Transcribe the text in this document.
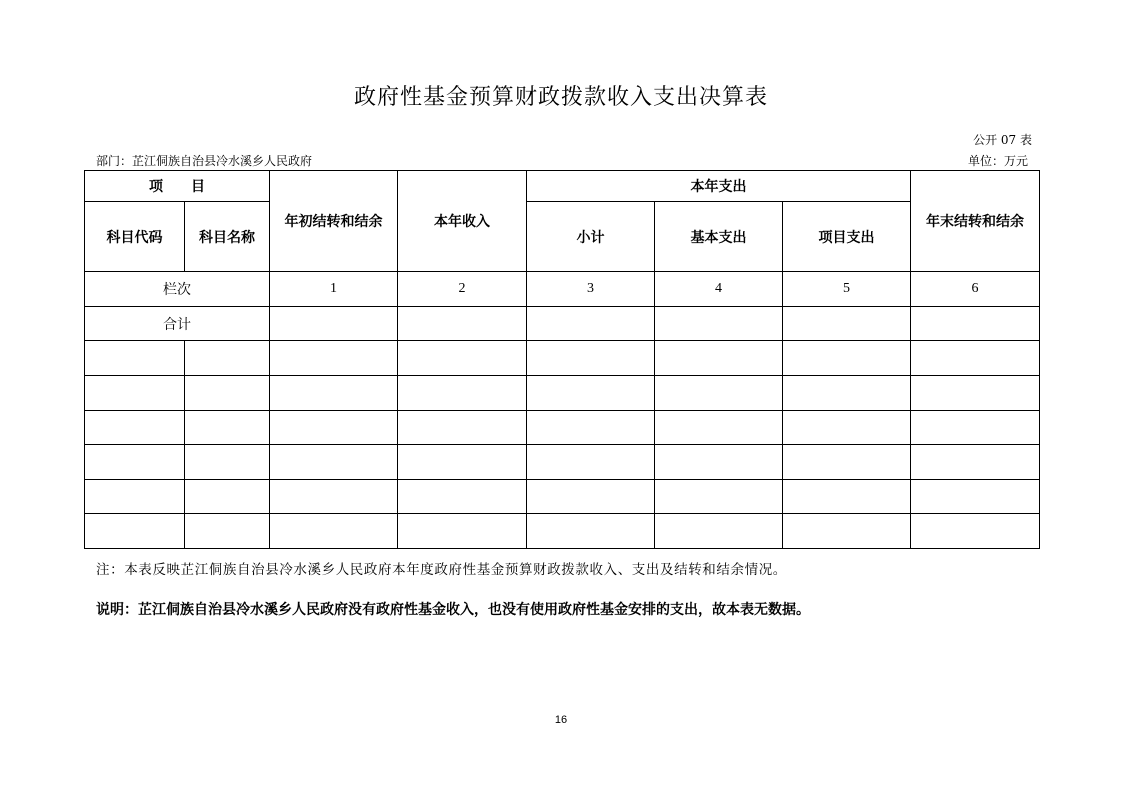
政府性基金预算财政拨款收入支出决算表
公开 07 表
部门：芷江侗族自治县冷水溪乡人民政府	单位：万元
项　　目		年初结转和结余	本年收入	本年支出			年末结转和结余
科目代码	科目名称			小计	基本支出	项目支出	
栏次		1	2	3	4	5	6
合计							

注：本表反映芷江侗族自治县冷水溪乡人民政府本年度政府性基金预算财政拨款收入、支出及结转和结余情况。
说明：芷江侗族自治县冷水溪乡人民政府没有政府性基金收入，也没有使用政府性基金安排的支出，故本表无数据。
16
